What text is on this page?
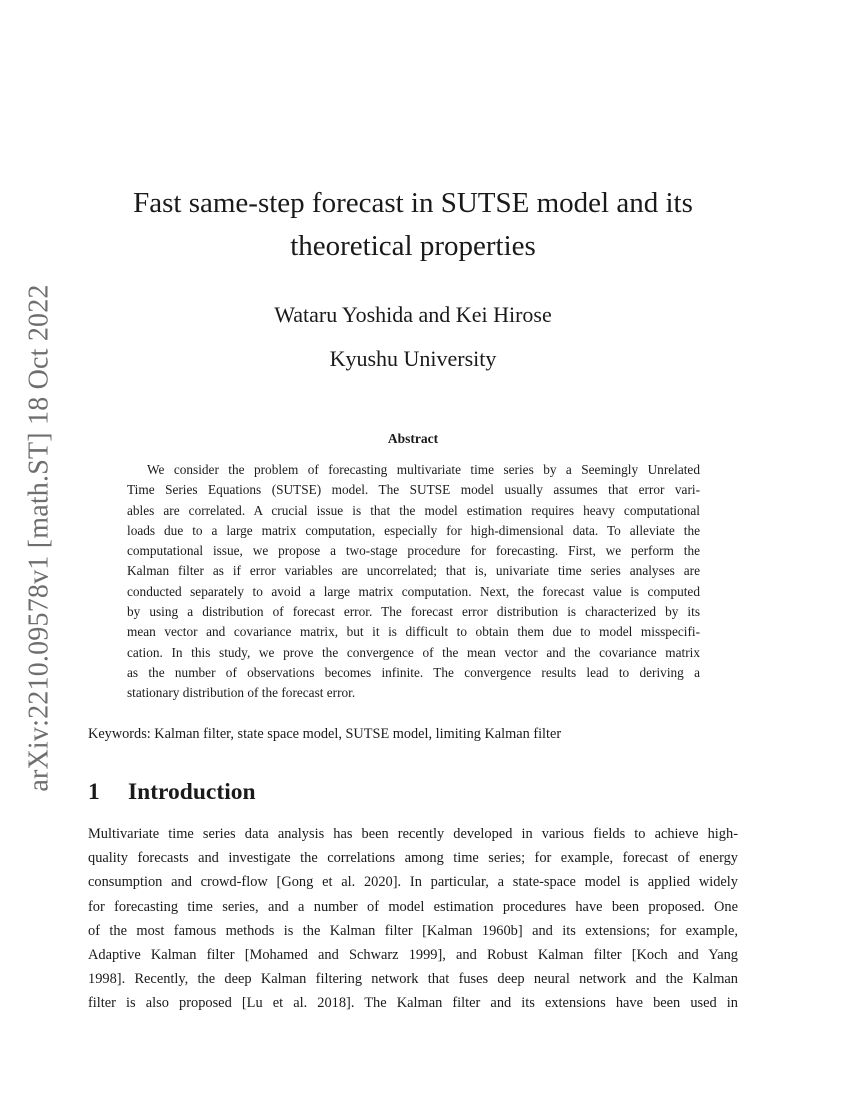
arXiv:2210.09578v1 [math.ST] 18 Oct 2022
Fast same-step forecast in SUTSE model and its
theoretical properties
Wataru Yoshida and Kei Hirose
Kyushu University
Abstract
We consider the problem of forecasting multivariate time series by a Seemingly Unrelated
Time Series Equations (SUTSE) model. The SUTSE model usually assumes that error vari-
ables are correlated. A crucial issue is that the model estimation requires heavy computational
loads due to a large matrix computation, especially for high-dimensional data. To alleviate the
computational issue, we propose a two-stage procedure for forecasting. First, we perform the
Kalman filter as if error variables are uncorrelated; that is, univariate time series analyses are
conducted separately to avoid a large matrix computation. Next, the forecast value is computed
by using a distribution of forecast error. The forecast error distribution is characterized by its
mean vector and covariance matrix, but it is difficult to obtain them due to model misspecifi-
cation. In this study, we prove the convergence of the mean vector and the covariance matrix
as the number of observations becomes infinite. The convergence results lead to deriving a
stationary distribution of the forecast error.
Keywords: Kalman filter, state space model, SUTSE model, limiting Kalman filter
1 Introduction
Multivariate time series data analysis has been recently developed in various fields to achieve high-
quality forecasts and investigate the correlations among time series; for example, forecast of energy
consumption and crowd-flow [Gong et al. 2020]. In particular, a state-space model is applied widely
for forecasting time series, and a number of model estimation procedures have been proposed. One
of the most famous methods is the Kalman filter [Kalman 1960b] and its extensions; for example,
Adaptive Kalman filter [Mohamed and Schwarz 1999], and Robust Kalman filter [Koch and Yang
1998]. Recently, the deep Kalman filtering network that fuses deep neural network and the Kalman
filter is also proposed [Lu et al. 2018]. The Kalman filter and its extensions have been used in
